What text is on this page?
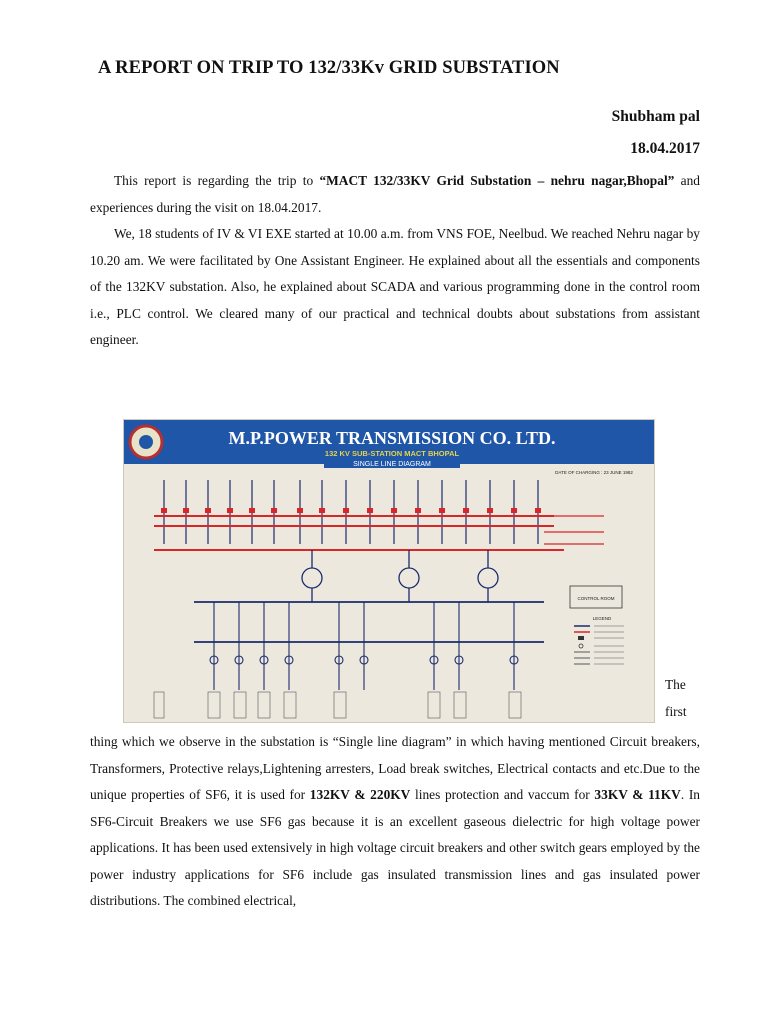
A REPORT ON TRIP TO 132/33Kv GRID SUBSTATION
Shubham pal
18.04.2017
This report is regarding the trip to “MACT 132/33KV Grid Substation – nehru nagar,Bhopal” and experiences during the visit on 18.04.2017.
We, 18 students of IV & VI EXE started at 10.00 a.m. from VNS FOE, Neelbud. We reached Nehru nagar by 10.20 am. We were facilitated by One Assistant Engineer. He explained about all the essentials and components of the 132KV substation. Also, he explained about SCADA and various programming done in the control room i.e., PLC control. We cleared many of our practical and technical doubts about substations from assistant engineer.
M.P.POWER TRANSMISSION CO. LTD.
132 KV SUB-STATION MACT BHOPAL
SINGLE LINE DIAGRAM
DATE OF CHARGING : 23 JUNE 1982
CONTROL ROOM
LEGEND
The
first
thing which we observe in the substation is “Single line diagram” in which having mentioned Circuit breakers, Transformers, Protective relays,Lightening arresters, Load break switches, Electrical contacts and etc.Due to the unique properties of SF6, it is used for 132KV & 220KV lines protection and vaccum for 33KV & 11KV. In SF6-Circuit Breakers we use SF6 gas because it is an excellent gaseous dielectric for high voltage power applications. It has been used extensively in high voltage circuit breakers and other switch gears employed by the power industry applications for SF6 include gas insulated transmission lines and gas insulated power distributions. The combined electrical,
